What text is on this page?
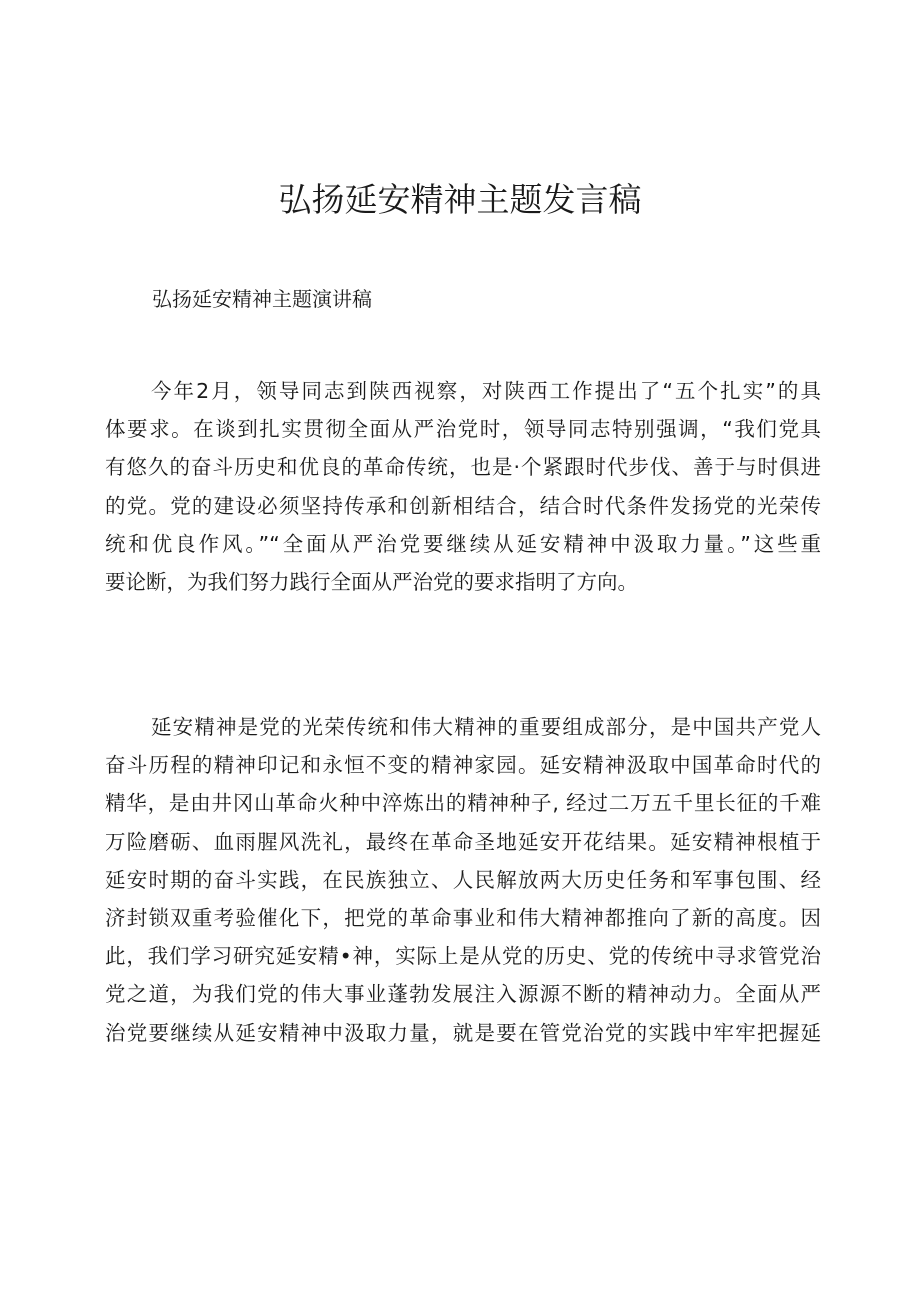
弘扬延安精神主题发言稿

弘扬延安精神主题演讲稿

今年2月，领导同志到陕西视察，对陕西工作提出了“五个扎实”的具
体要求。在谈到扎实贯彻全面从严治党时，领导同志特别强调，“我们党具
有悠久的奋斗历史和优良的革命传统，也是·个紧跟时代步伐、善于与时俱进
的党。党的建设必须坚持传承和创新相结合，结合时代条件发扬党的光荣传
统和优良作风。”“全面从严治党要继续从延安精神中汲取力量。”这些重
要论断，为我们努力践行全面从严治党的要求指明了方向。
延安精神是党的光荣传统和伟大精神的重要组成部分，是中国共产党人
奋斗历程的精神印记和永恒不变的精神家园。延安精神汲取中国革命时代的
精华，是由井冈山革命火种中淬炼出的精神种子, 经过二万五千里长征的千难
万险磨砺、血雨腥风洗礼，最终在革命圣地延安开花结果。延安精神根植于
延安时期的奋斗实践，在民族独立、人民解放两大历史任务和军事包围、经
济封锁双重考验催化下，把党的革命事业和伟大精神都推向了新的高度。因
此，我们学习研究延安精•神，实际上是从党的历史、党的传统中寻求管党治
党之道，为我们党的伟大事业蓬勃发展注入源源不断的精神动力。全面从严
治党要继续从延安精神中汲取力量，就是要在管党治党的实践中牢牢把握延
